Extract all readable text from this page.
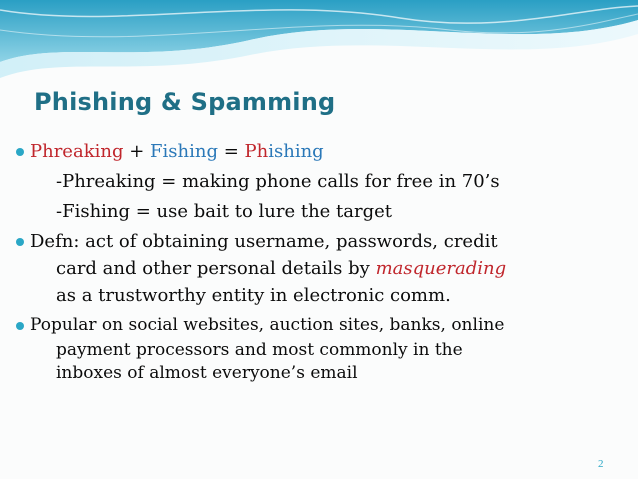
Phishing & Spamming
Phreaking + Fishing = Phishing
-Phreaking = making phone calls for free in 70’s
-Fishing = use bait to lure the target
Defn: act of obtaining username, passwords, credit
card and other personal details by masquerading
as a trustworthy entity in electronic comm.
Popular on social websites, auction sites, banks, online
payment processors and most commonly in the
inboxes of almost everyone’s email
2
